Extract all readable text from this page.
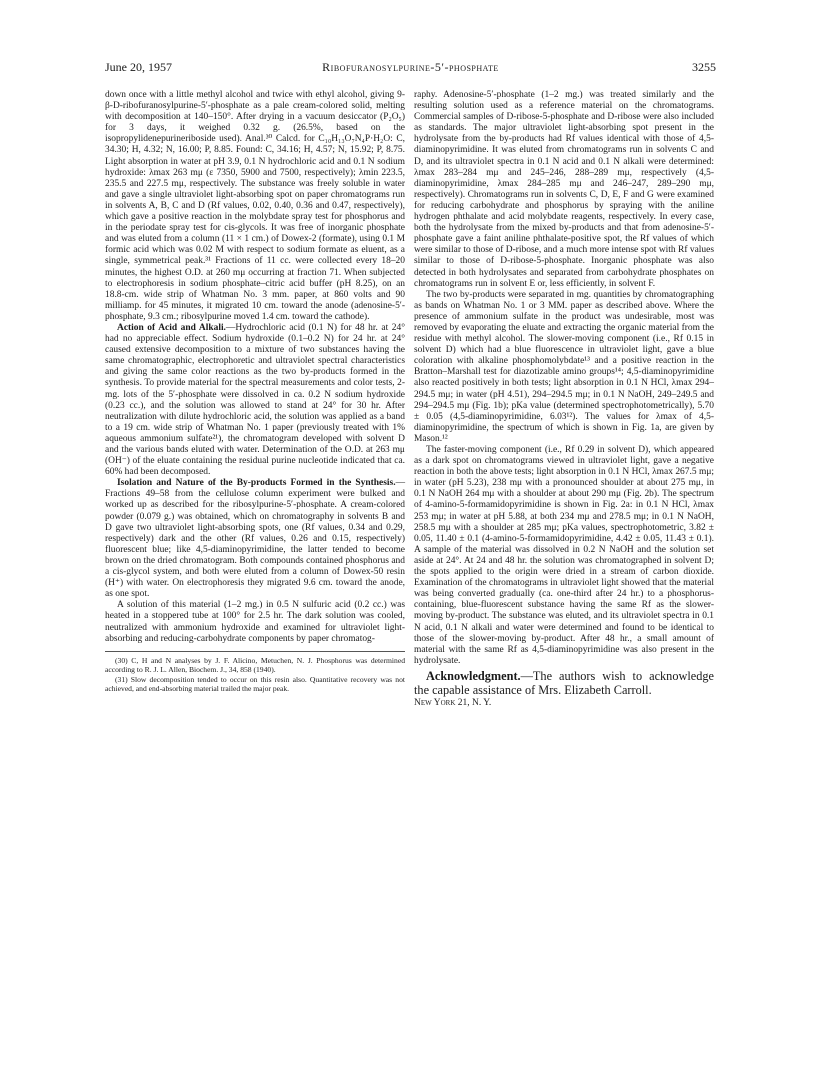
June 20, 1957	Ribofuranosylpurine-5′-phosphate	3255

down once with a little methyl alcohol and twice with ethyl alcohol, giving 9-β-D-ribofuranosylpurine-5′-phosphate as a pale cream-colored solid, melting with decomposition at 140–150°. After drying in a vacuum desiccator (P₂O₅) for 3 days, it weighed 0.32 g. (26.5%, based on the isopropylidenepurineriboside used). Anal.³⁰ Calcd. for C₁₀H₁₃O₇N₄P·H₂O: C, 34.30; H, 4.32; N, 16.00; P, 8.85. Found: C, 34.16; H, 4.57; N, 15.92; P, 8.75. Light absorption in water at pH 3.9, 0.1 N hydrochloric acid and 0.1 N sodium hydroxide: λmax 263 mμ (ε 7350, 5900 and 7500, respectively); λmin 223.5, 235.5 and 227.5 mμ, respectively. The substance was freely soluble in water and gave a single ultraviolet light-absorbing spot on paper chromatograms run in solvents A, B, C and D (Rf values, 0.02, 0.40, 0.36 and 0.47, respectively), which gave a positive reaction in the molybdate spray test for phosphorus and in the periodate spray test for cis-glycols. It was free of inorganic phosphate and was eluted from a column (11 × 1 cm.) of Dowex-2 (formate), using 0.1 M formic acid which was 0.02 M with respect to sodium formate as eluent, as a single, symmetrical peak.³¹ Fractions of 11 cc. were collected every 18–20 minutes, the highest O.D. at 260 mμ occurring at fraction 71. When subjected to electrophoresis in sodium phosphate–citric acid buffer (pH 8.25), on an 18.8-cm. wide strip of Whatman No. 3 mm. paper, at 860 volts and 90 milliamp. for 45 minutes, it migrated 10 cm. toward the anode (adenosine-5′-phosphate, 9.3 cm.; ribosylpurine moved 1.4 cm. toward the cathode).

Action of Acid and Alkali.—Hydrochloric acid (0.1 N) for 48 hr. at 24° had no appreciable effect. Sodium hydroxide (0.1–0.2 N) for 24 hr. at 24° caused extensive decomposition to a mixture of two substances having the same chromatographic, electrophoretic and ultraviolet spectral characteristics and giving the same color reactions as the two by-products formed in the synthesis. To provide material for the spectral measurements and color tests, 2-mg. lots of the 5′-phosphate were dissolved in ca. 0.2 N sodium hydroxide (0.23 cc.), and the solution was allowed to stand at 24° for 30 hr. After neutralization with dilute hydrochloric acid, the solution was applied as a band to a 19 cm. wide strip of Whatman No. 1 paper (previously treated with 1% aqueous ammonium sulfate²¹), the chromatogram developed with solvent D and the various bands eluted with water. Determination of the O.D. at 263 mμ (OH⁻) of the eluate containing the residual purine nucleotide indicated that ca. 60% had been decomposed.

Isolation and Nature of the By-products Formed in the Synthesis.—Fractions 49–58 from the cellulose column experiment were bulked and worked up as described for the ribosylpurine-5′-phosphate. A cream-colored powder (0.079 g.) was obtained, which on chromatography in solvents B and D gave two ultraviolet light-absorbing spots, one (Rf values, 0.34 and 0.29, respectively) dark and the other (Rf values, 0.26 and 0.15, respectively) fluorescent blue; like 4,5-diaminopyrimidine, the latter tended to become brown on the dried chromatogram. Both compounds contained phosphorus and a cis-glycol system, and both were eluted from a column of Dowex-50 resin (H⁺) with water. On electrophoresis they migrated 9.6 cm. toward the anode, as one spot.

A solution of this material (1–2 mg.) in 0.5 N sulfuric acid (0.2 cc.) was heated in a stoppered tube at 100° for 2.5 hr. The dark solution was cooled, neutralized with ammonium hydroxide and examined for ultraviolet light-absorbing and reducing-carbohydrate components by paper chromatog-

(30) C, H and N analyses by J. F. Alicino, Metuchen, N. J. Phosphorus was determined according to R. J. L. Allen, Biochem. J., 34, 858 (1940).

(31) Slow decomposition tended to occur on this resin also. Quantitative recovery was not achieved, and end-absorbing material trailed the major peak.

raphy. Adenosine-5′-phosphate (1–2 mg.) was treated similarly and the resulting solution used as a reference material on the chromatograms. Commercial samples of D-ribose-5-phosphate and D-ribose were also included as standards. The major ultraviolet light-absorbing spot present in the hydrolysate from the by-products had Rf values identical with those of 4,5-diaminopyrimidine. It was eluted from chromatograms run in solvents C and D, and its ultraviolet spectra in 0.1 N acid and 0.1 N alkali were determined: λmax 283–284 mμ and 245–246, 288–289 mμ, respectively (4,5-diaminopyrimidine, λmax 284–285 mμ and 246–247, 289–290 mμ, respectively). Chromatograms run in solvents C, D, E, F and G were examined for reducing carbohydrate and phosphorus by spraying with the aniline hydrogen phthalate and acid molybdate reagents, respectively. In every case, both the hydrolysate from the mixed by-products and that from adenosine-5′-phosphate gave a faint aniline phthalate-positive spot, the Rf values of which were similar to those of D-ribose, and a much more intense spot with Rf values similar to those of D-ribose-5-phosphate. Inorganic phosphate was also detected in both hydrolysates and separated from carbohydrate phosphates on chromatograms run in solvent E or, less efficiently, in solvent F.

The two by-products were separated in mg. quantities by chromatographing as bands on Whatman No. 1 or 3 MM. paper as described above. Where the presence of ammonium sulfate in the product was undesirable, most was removed by evaporating the eluate and extracting the organic material from the residue with methyl alcohol. The slower-moving component (i.e., Rf 0.15 in solvent D) which had a blue fluorescence in ultraviolet light, gave a blue coloration with alkaline phosphomolybdate¹³ and a positive reaction in the Bratton–Marshall test for diazotizable amino groups¹⁴; 4,5-diaminopyrimidine also reacted positively in both tests; light absorption in 0.1 N HCl, λmax 294–294.5 mμ; in water (pH 4.51), 294–294.5 mμ; in 0.1 N NaOH, 249–249.5 and 294–294.5 mμ (Fig. 1b); pKa value (determined spectrophotometrically), 5.70 ± 0.05 (4,5-diaminopyrimidine, 6.03¹²). The values for λmax of 4,5-diaminopyrimidine, the spectrum of which is shown in Fig. 1a, are given by Mason.¹²

The faster-moving component (i.e., Rf 0.29 in solvent D), which appeared as a dark spot on chromatograms viewed in ultraviolet light, gave a negative reaction in both the above tests; light absorption in 0.1 N HCl, λmax 267.5 mμ; in water (pH 5.23), 238 mμ with a pronounced shoulder at about 275 mμ, in 0.1 N NaOH 264 mμ with a shoulder at about 290 mμ (Fig. 2b). The spectrum of 4-amino-5-formamidopyrimidine is shown in Fig. 2a: in 0.1 N HCl, λmax 253 mμ; in water at pH 5.88, at both 234 mμ and 278.5 mμ; in 0.1 N NaOH, 258.5 mμ with a shoulder at 285 mμ; pKa values, spectrophotometric, 3.82 ± 0.05, 11.40 ± 0.1 (4-amino-5-formamidopyrimidine, 4.42 ± 0.05, 11.43 ± 0.1). A sample of the material was dissolved in 0.2 N NaOH and the solution set aside at 24°. At 24 and 48 hr. the solution was chromatographed in solvent D; the spots applied to the origin were dried in a stream of carbon dioxide. Examination of the chromatograms in ultraviolet light showed that the material was being converted gradually (ca. one-third after 24 hr.) to a phosphorus-containing, blue-fluorescent substance having the same Rf as the slower-moving by-product. The substance was eluted, and its ultraviolet spectra in 0.1 N acid, 0.1 N alkali and water were determined and found to be identical to those of the slower-moving by-product. After 48 hr., a small amount of material with the same Rf as 4,5-diaminopyrimidine was also present in the hydrolysate.

Acknowledgment.—The authors wish to acknowledge the capable assistance of Mrs. Elizabeth Carroll.

New York 21, N. Y.
